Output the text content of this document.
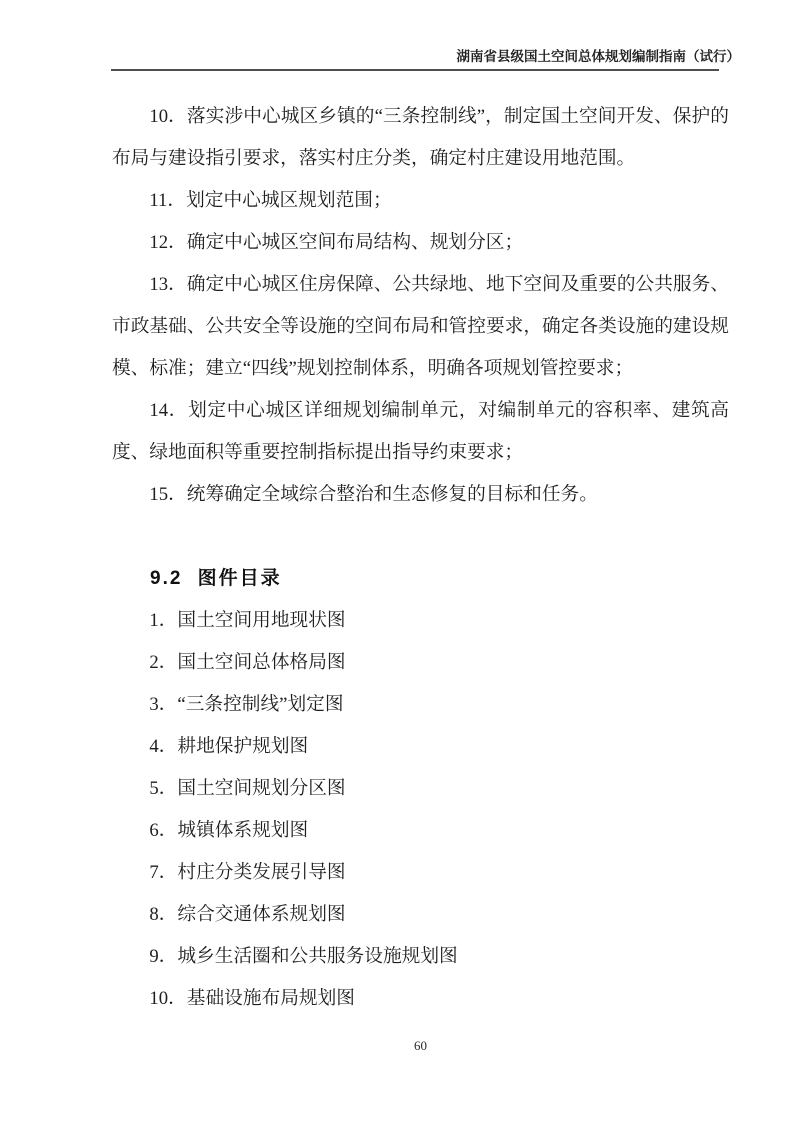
湖南省县级国土空间总体规划编制指南（试行）

10．落实涉中心城区乡镇的“三条控制线”，制定国土空间开发、保护的布局与建设指引要求，落实村庄分类，确定村庄建设用地范围。

11．划定中心城区规划范围；

12．确定中心城区空间布局结构、规划分区；

13．确定中心城区住房保障、公共绿地、地下空间及重要的公共服务、市政基础、公共安全等设施的空间布局和管控要求，确定各类设施的建设规模、标准；建立“四线”规划控制体系，明确各项规划管控要求；

14．划定中心城区详细规划编制单元，对编制单元的容积率、建筑高度、绿地面积等重要控制指标提出指导约束要求；

15．统筹确定全域综合整治和生态修复的目标和任务。

9.2 图件目录
1．国土空间用地现状图
2．国土空间总体格局图
3．“三条控制线”划定图
4．耕地保护规划图
5．国土空间规划分区图
6．城镇体系规划图
7．村庄分类发展引导图
8．综合交通体系规划图
9．城乡生活圈和公共服务设施规划图
10．基础设施布局规划图
60
